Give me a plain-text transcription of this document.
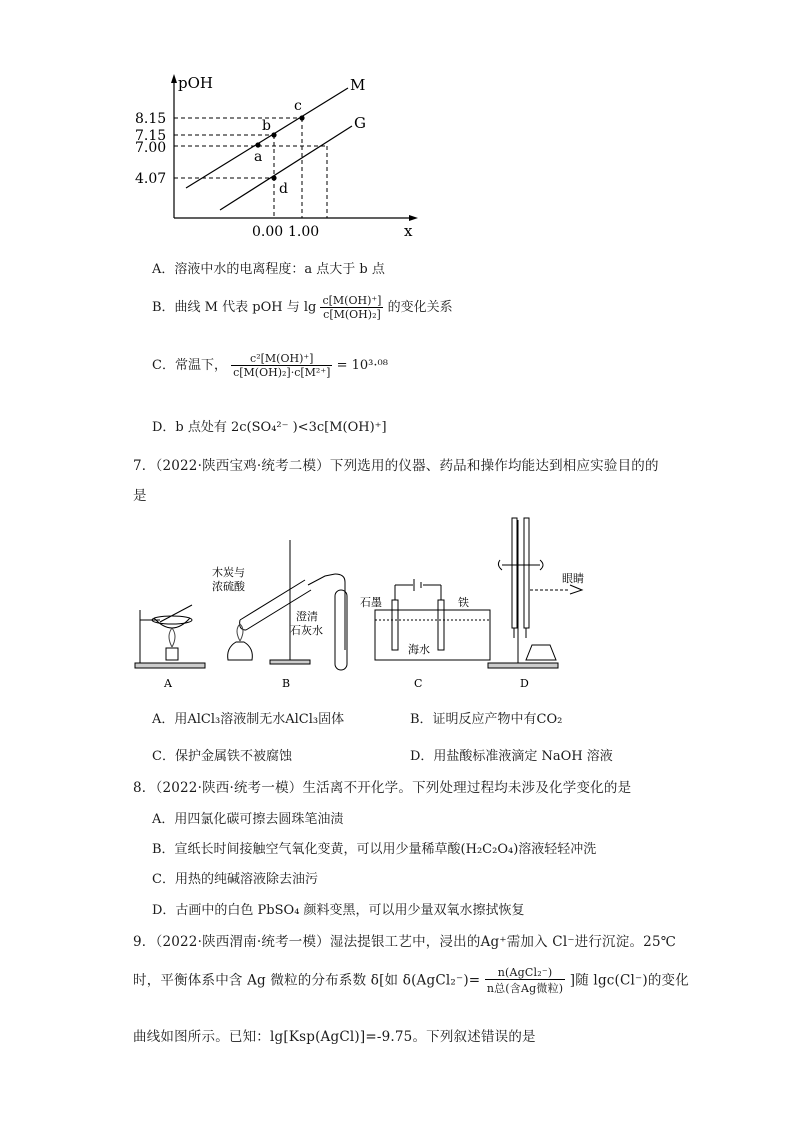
pOH
x
8.15
7.15
7.00
4.07
0.00 1.00
M
G
a
b
c
d
A．溶液中水的电离程度：a 点大于 b 点
B．曲线 M 代表 pOH 与 $\lg \frac{c[M(OH)^+]}{\text{c[M(OH)₂]}}$ 的变化关系
C．常温下， $\frac{\text{c²[M(OH)⁺]}}{\text{c[M(OH)₂]·c[M²⁺]}} = 10^3\cdot^{08}$
D．b 点处有 2c(SO₄²⁻ )<3c[M(OH)⁺]
7．（2022·陕西宝鸡·统考二模）下列选用的仪器、药品和操作均能达到相应实验目的的
是
A
木炭与
浓硫酸
澄清
石灰水
B
石墨	铁
海水
C
眼睛
D
A．用AlCl₃溶液制无水AlCl₃固体	B．证明反应产物中有CO₂
C．保护金属铁不被腐蚀	D．用盐酸标准液滴定 NaOH 溶液
8．（2022·陕西·统考一模）生活离不开化学。下列处理过程均未涉及化学变化的是
A．用四氯化碳可擦去圆珠笔油渍
B．宣纸长时间接触空气氧化变黄，可以用少量稀草酸(H₂C₂O₄)溶液轻轻冲洗
C．用热的纯碱溶液除去油污
D．古画中的白色 PbSO₄ 颜料变黑，可以用少量双氧水擦拭恢复
9．（2022·陕西渭南·统考一模）湿法提银工艺中，浸出的Ag⁺需加入 Cl⁻进行沉淀。25℃
时，平衡体系中含 Ag 微粒的分布系数 δ[如 δ(AgCl₂⁻)= $\frac{\text{n(AgCl₂⁻)}}{\text{n总(含Ag微粒)}}$ ]随 lgc(Cl⁻)的变化
曲线如图所示。已知：lg[Ksp(AgCl)]=-9.75。下列叙述错误的是
